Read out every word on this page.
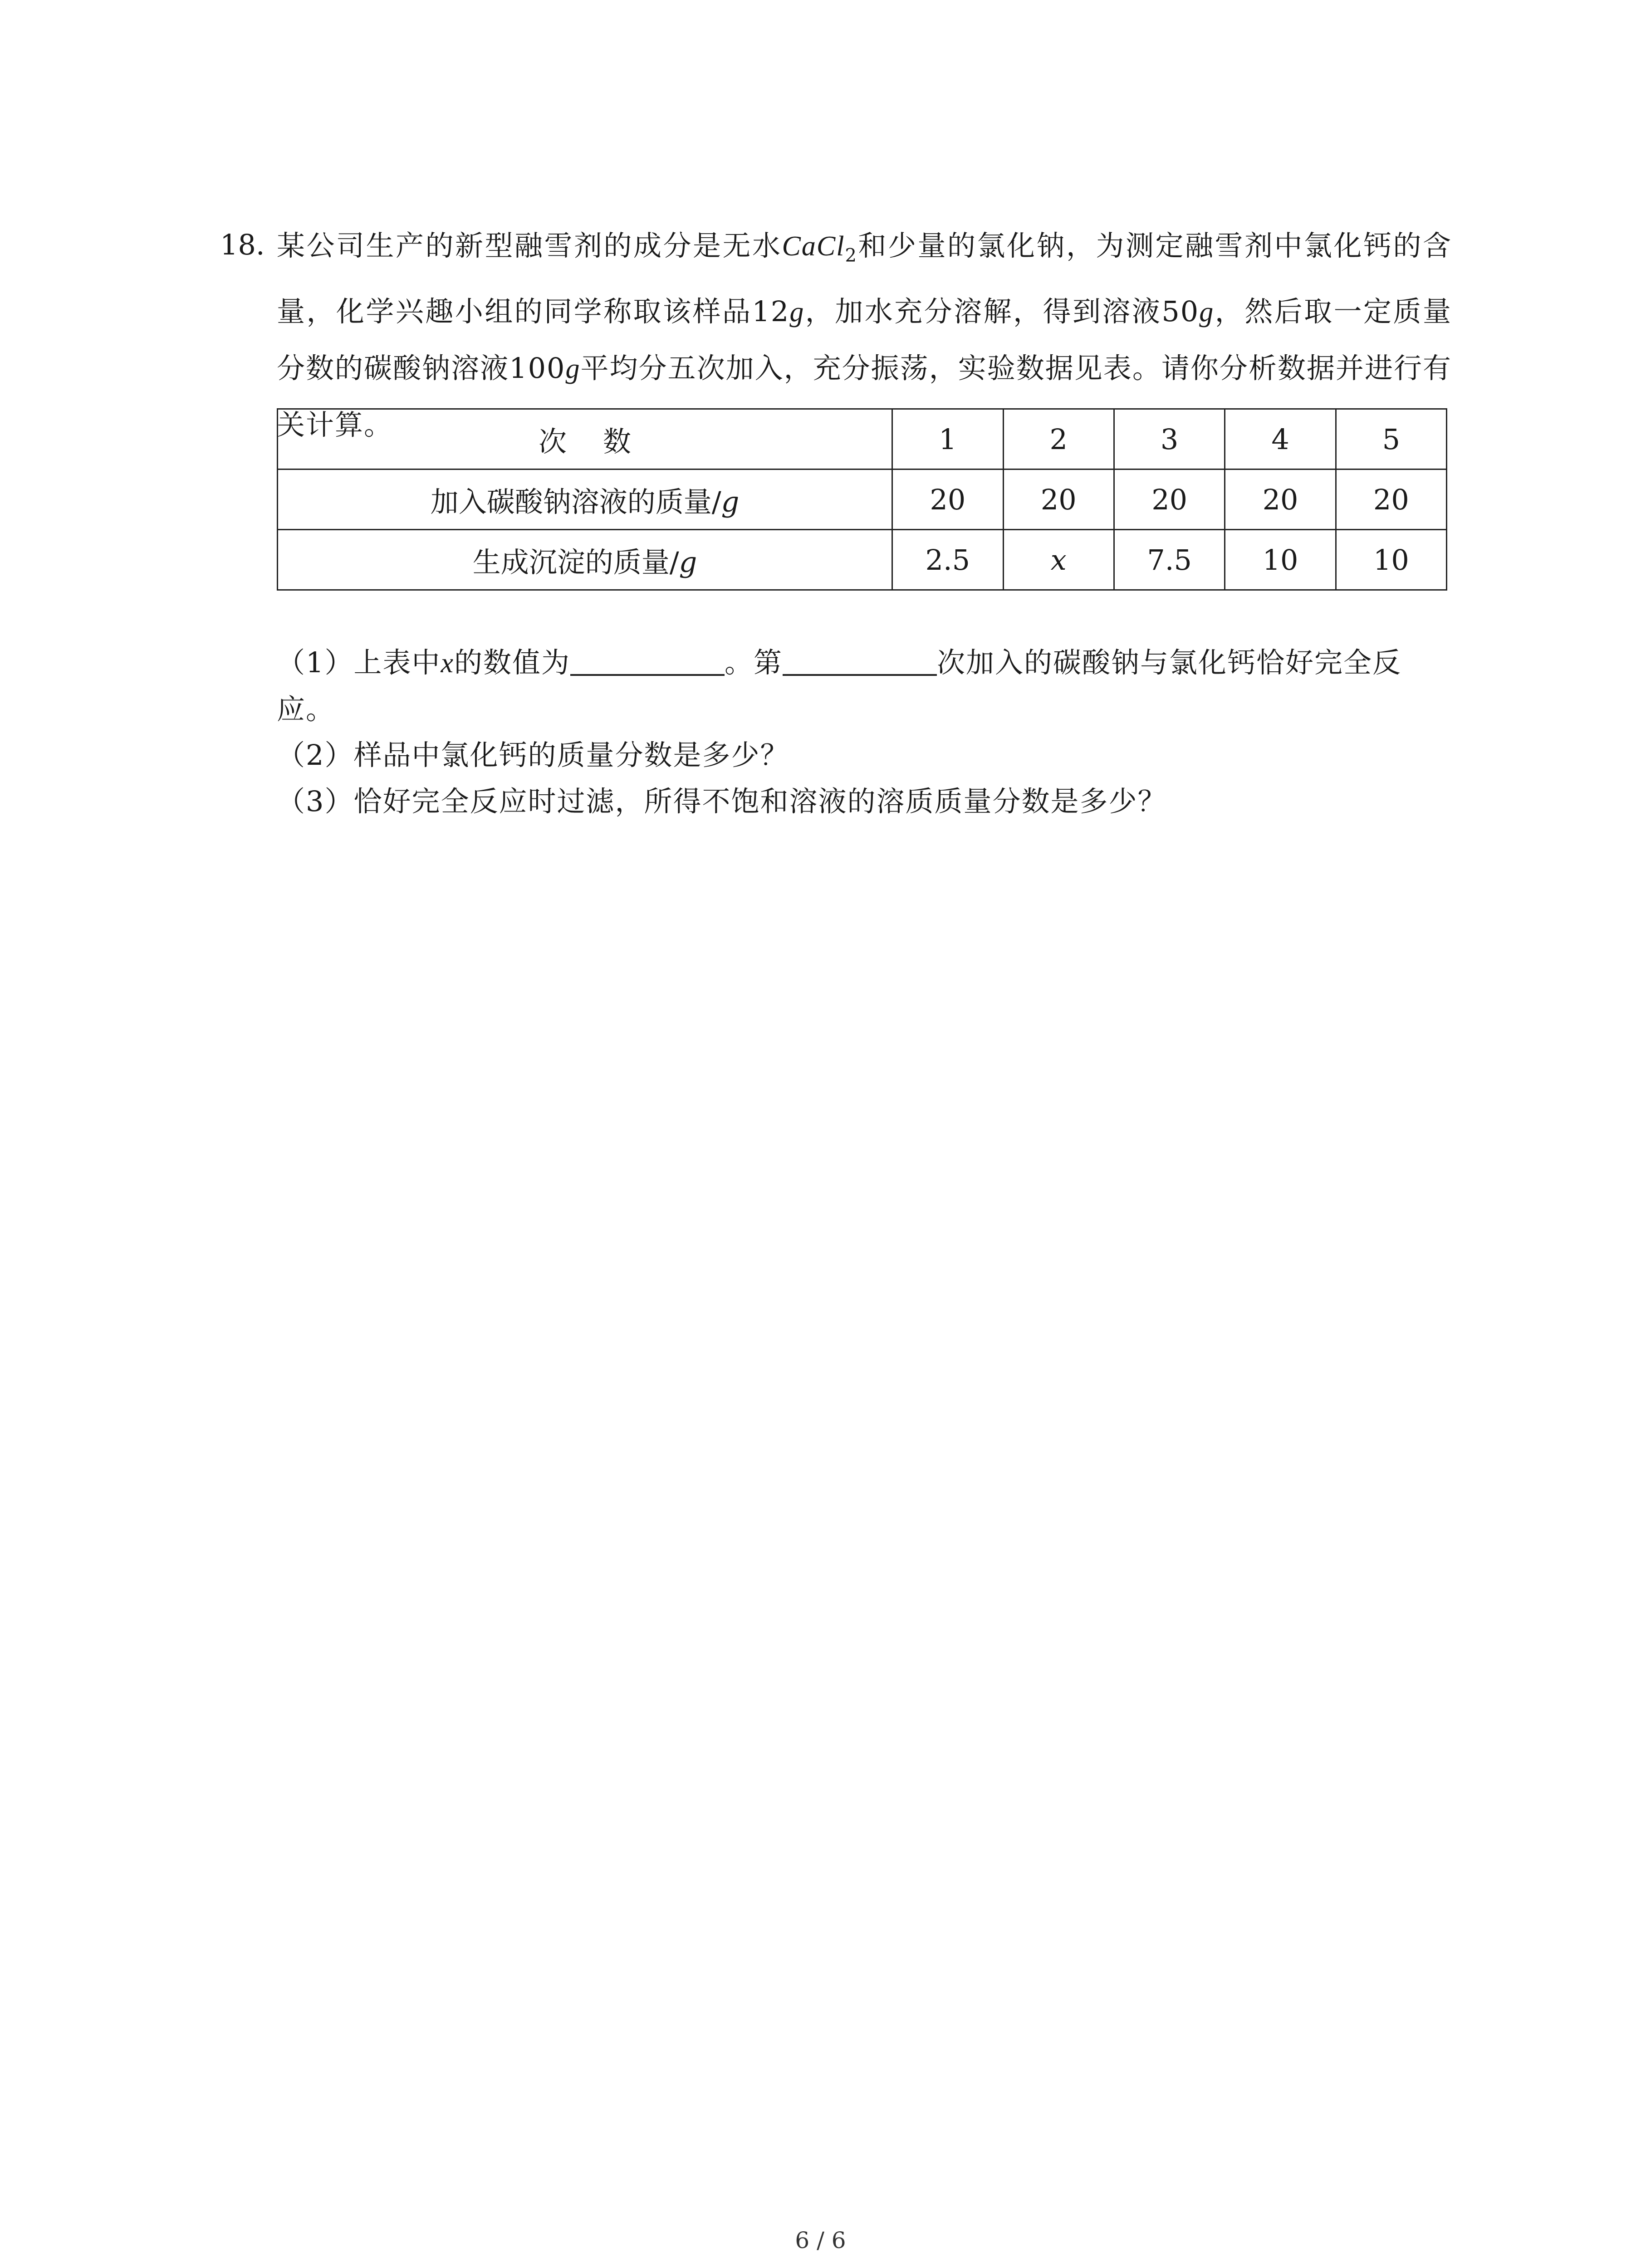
18. 某公司生产的新型融雪剂的成分是无水CaCl$_2$和少量的氯化钠，为测定融雪剂中氯化钙的含量，化学兴趣小组的同学称取该样品12g，加水充分溶解，得到溶液50g，然后取一定质量分数的碳酸钠溶液100g平均分五次加入，充分振荡，实验数据见表。请你分析数据并进行有关计算。	次 数	1	2	3	4	5
加入碳酸钠溶液的质量/g	20	20	20	20	20
生成沉淀的质量/g	2.5	x	7.5	10	10
（1）上表中x的数值为	。第	次加入的碳酸钠与氯化钙恰好完全反
应。
（2）样品中氯化钙的质量分数是多少？
（3）恰好完全反应时过滤，所得不饱和溶液的溶质质量分数是多少？
6 / 6
